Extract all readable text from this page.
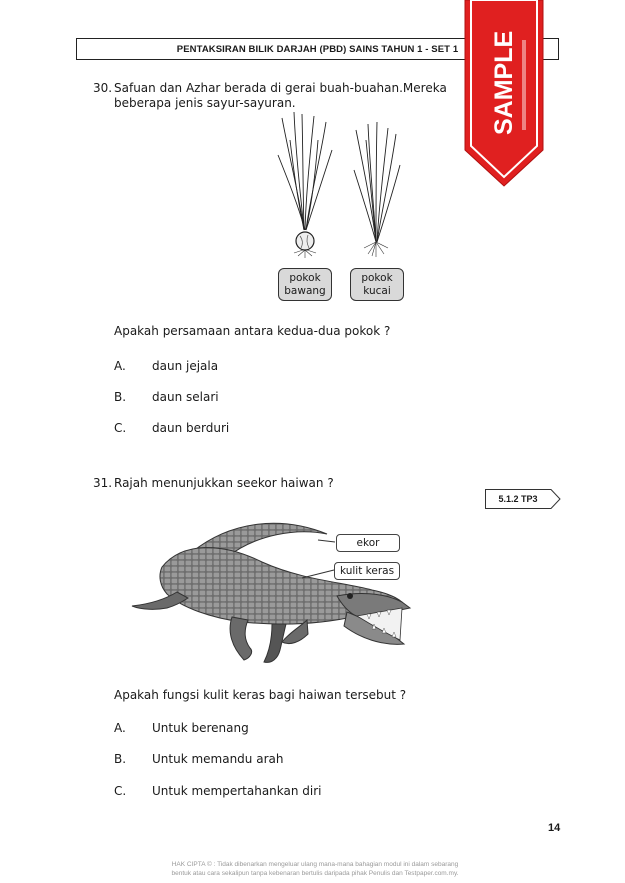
PENTAKSIRAN BILIK DARJAH (PBD) SAINS TAHUN 1 - SET 1
30. Safuan dan Azhar berada di gerai buah-buahan.Mereka
beberapa jenis sayur-sayuran.
pokok
bawang
pokok
kucai
Apakah persamaan antara kedua-dua pokok ?
A. daun jejala
B. daun selari
C. daun berduri
31. Rajah menunjukkan seekor haiwan ?
5.1.2 TP3
ekor
kulit keras
Apakah fungsi kulit keras bagi haiwan tersebut ?
A. Untuk berenang
B. Untuk memandu arah
C. Untuk mempertahankan diri
14
HAK CIPTA © : Tidak dibenarkan mengeluar ulang mana-mana bahagian modul ini dalam sebarang
bentuk atau cara sekalipun tanpa kebenaran bertulis daripada pihak Penulis dan Testpaper.com.my.
SAMPLE
